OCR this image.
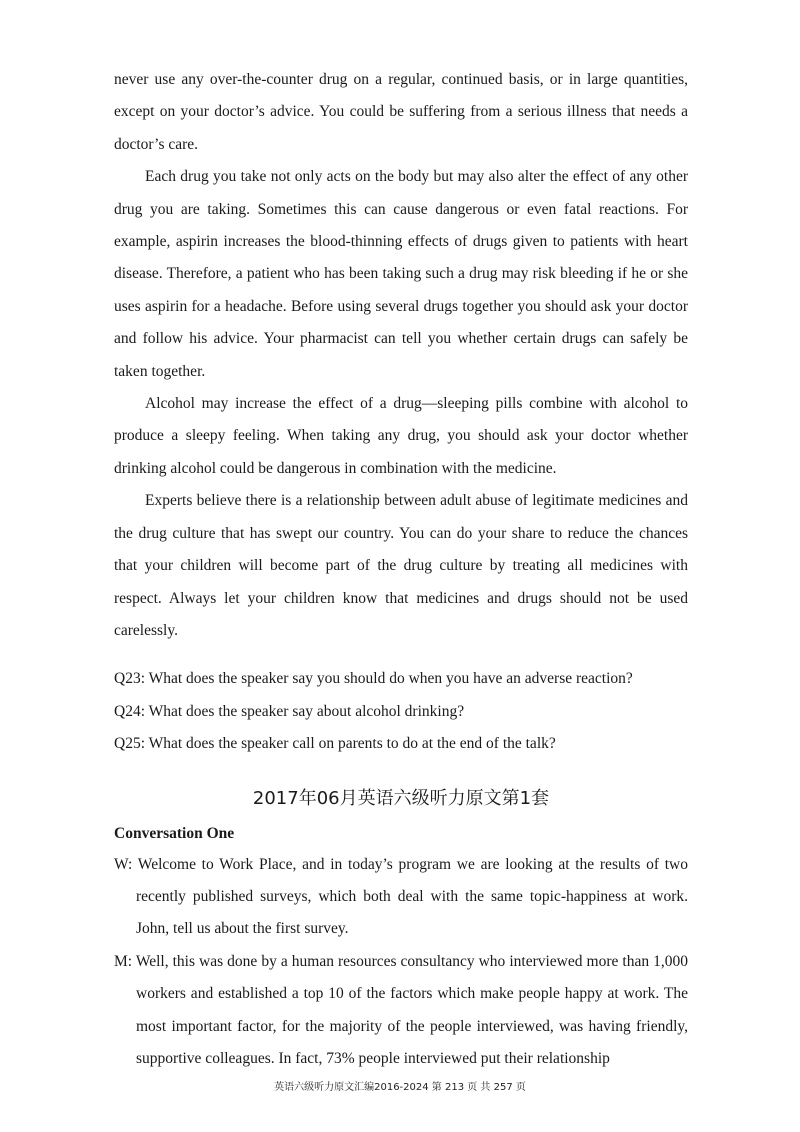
never use any over-the-counter drug on a regular, continued basis, or in large quantities, except on your doctor’s advice. You could be suffering from a serious illness that needs a doctor’s care.

Each drug you take not only acts on the body but may also alter the effect of any other drug you are taking. Sometimes this can cause dangerous or even fatal reactions. For example, aspirin increases the blood-thinning effects of drugs given to patients with heart disease. Therefore, a patient who has been taking such a drug may risk bleeding if he or she uses aspirin for a headache. Before using several drugs together you should ask your doctor and follow his advice. Your pharmacist can tell you whether certain drugs can safely be taken together.

Alcohol may increase the effect of a drug—sleeping pills combine with alcohol to produce a sleepy feeling. When taking any drug, you should ask your doctor whether drinking alcohol could be dangerous in combination with the medicine.

Experts believe there is a relationship between adult abuse of legitimate medicines and the drug culture that has swept our country. You can do your share to reduce the chances that your children will become part of the drug culture by treating all medicines with respect. Always let your children know that medicines and drugs should not be used carelessly.

Q23: What does the speaker say you should do when you have an adverse reaction?

Q24: What does the speaker say about alcohol drinking?

Q25: What does the speaker call on parents to do at the end of the talk?

2017年06月英语六级听力原文第1套

Conversation One

W: Welcome to Work Place, and in today’s program we are looking at the results of two recently published surveys, which both deal with the same topic-happiness at work. John, tell us about the first survey.

M: Well, this was done by a human resources consultancy who interviewed more than 1,000 workers and established a top 10 of the factors which make people happy at work. The most important factor, for the majority of the people interviewed, was having friendly, supportive colleagues. In fact, 73% people interviewed put their relationship

英语六级听力原文汇编2016-2024 第 213 页 共 257 页
